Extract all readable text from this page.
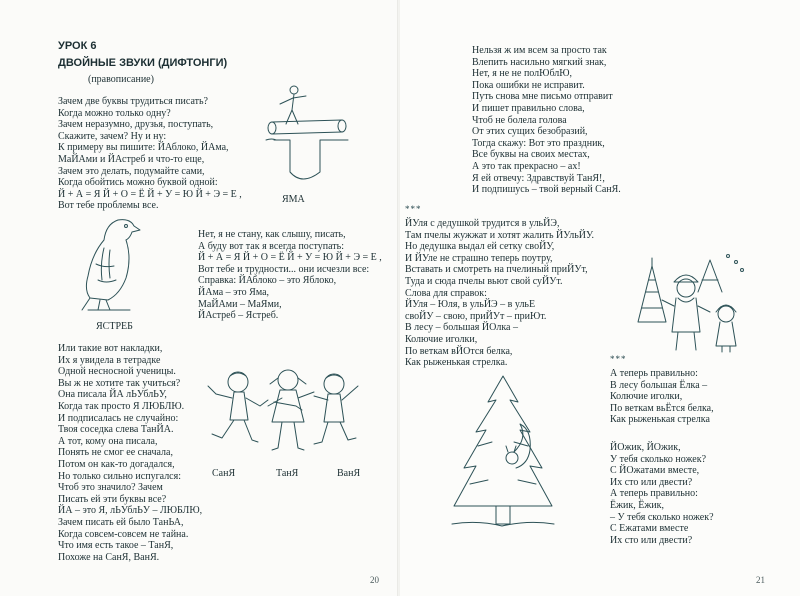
УРОК 6
ДВОЙНЫЕ ЗВУКИ (ДИФТОНГИ)
(правописание)
Зачем две буквы трудиться писать?
Когда можно только одну?
Зачем неразумно, друзья, поступать,
Скажите, зачем? Ну и ну:
К примеру вы пишите: ЙАблоко, ЙАма,
МаЙАми и ЙАстреб и что-то еще,
Зачем это делать, подумайте сами,
Когда обойтись можно буквой одной:
Й + А = Я Й + О = Ё Й + У = Ю Й + Э = Е ,
Вот тебе проблемы все.
ЯМА
ЯСТРЕБ
Нет, я не стану, как слышу, писать,
А буду вот так я всегда поступать:
Й + А = Я Й + О = Ё Й + У = Ю Й + Э = Е ,
Вот тебе и трудности... они исчезли все:
Справка: ЙАблоко – это Яблоко,
ЙАма – это Яма,
МаЙАми – МаЯми,
ЙАстреб – Ястреб.
Или такие вот накладки,
Их я увидела в тетрадке
Одной несносной ученицы.
Вы ж не хотите так учиться?
Она писала ЙА лЬУблЬУ,
Когда так просто Я ЛЮБЛЮ.
И подписалась не случайно:
Твоя соседка слева ТанЙА.
А тот, кому она писала,
Понять не смог ее сначала,
Потом он как-то догадался,
Но только сильно испугался:
Чтоб это значило? Зачем
Писать ей эти буквы все?
ЙА – это Я, лЬУблЬУ – ЛЮБЛЮ,
Зачем писать ей было ТанЬА,
Когда совсем-совсем не тайна.
Что имя есть такое – ТанЯ,
Похоже на СанЯ, ВанЯ.
СанЯ	ТанЯ	ВанЯ
20
Нельзя ж им всем за просто так
Влепить насильно мягкий знак,
Нет, я не не полЮблЮ,
Пока ошибки не исправит.
Путь снова мне письмо отправит
И пишет правильно слова,
Чтоб не болела голова
От этих сущих безобразий,
Тогда скажу: Вот это праздник,
Все буквы на своих местах,
А это так прекрасно – ах!
Я ей отвечу: Здравствуй ТанЯ!,
И подпишусь – твой верный СанЯ.
***
ЙУля с дедушкой трудится в ульЙЭ,
Там пчелы жужжат и хотят жалить ЙУльЙУ.
Но дедушка выдал ей сетку своЙУ,
И ЙУле не страшно теперь поутру,
Вставать и смотреть на пчелиный приЙУт,
Туда и сюда пчелы вьют свой суЙУт.
Слова для справок:
ЙУля – Юля, в ульЙЭ – в ульЕ
своЙУ – свою, приЙУт – приЮт.
В лесу – большая ЙОлка –
Колючие иголки,
По веткам вЙОтся белка,
Как рыженькая стрелка.	***
А теперь правильно:
В лесу большая Ёлка –
Колючие иголки,
По веткам вьЁтся белка,
Как рыженькая стрелка
ЙОжик, ЙОжик,
У тебя сколько ножек?
С ЙОжатами вместе,
Их сто или двести?
А теперь правильно:
Ёжик, Ёжик,
– У тебя сколько ножек?
С Ежатами вместе
Их сто или двести?
21
